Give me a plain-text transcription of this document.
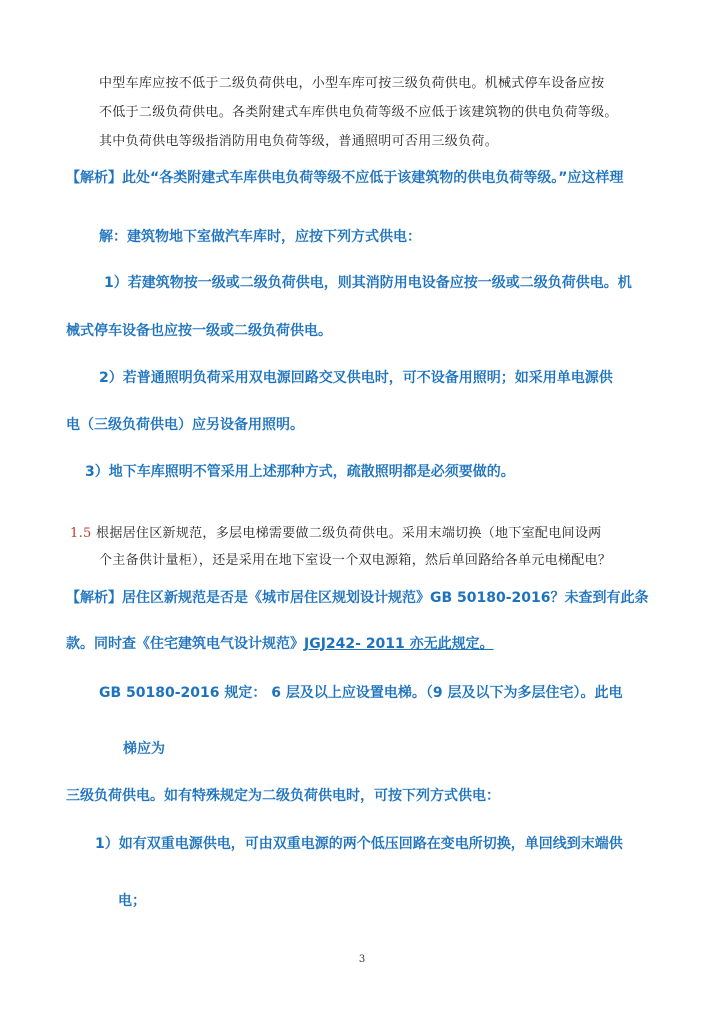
中型车库应按不低于二级负荷供电，小型车库可按三级负荷供电。机械式停车设备应按
不低于二级负荷供电。各类附建式车库供电负荷等级不应低于该建筑物的供电负荷等级。
其中负荷供电等级指消防用电负荷等级，普通照明可否用三级负荷。
【解析】此处“各类附建式车库供电负荷等级不应低于该建筑物的供电负荷等级。”应这样理
解：建筑物地下室做汽车库时，应按下列方式供电：
1）若建筑物按一级或二级负荷供电，则其消防用电设备应按一级或二级负荷供电。机
械式停车设备也应按一级或二级负荷供电。
2）若普通照明负荷采用双电源回路交叉供电时，可不设备用照明；如采用单电源供
电（三级负荷供电）应另设备用照明。
3）地下车库照明不管采用上述那种方式，疏散照明都是必须要做的。
1.5 根据居住区新规范，多层电梯需要做二级负荷供电。采用末端切换（地下室配电间设两
个主备供计量柜），还是采用在地下室设一个双电源箱，然后单回路给各单元电梯配电？
【解析】居住区新规范是否是《城市居住区规划设计规范》GB 50180-2016？未查到有此条
款。同时查《住宅建筑电气设计规范》JGJ242- 2011 亦无此规定。
GB 50180-2016 规定： 6 层及以上应设置电梯。（9 层及以下为多层住宅）。此电
梯应为
三级负荷供电。如有特殊规定为二级负荷供电时，可按下列方式供电：
1）如有双重电源供电，可由双重电源的两个低压回路在变电所切换，单回线到末端供
电；
3
